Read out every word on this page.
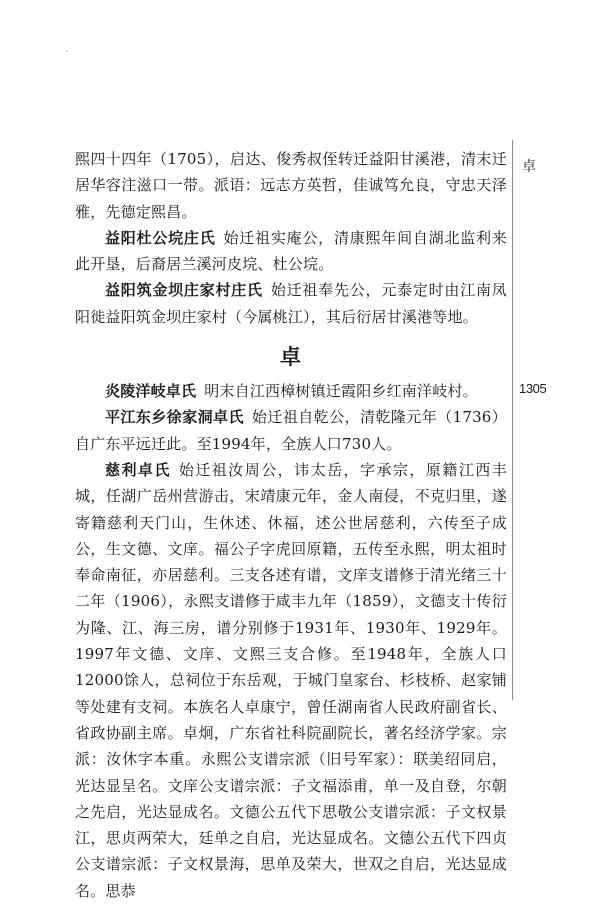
熙四十四年（1705），启达、俊秀叔侄转迁益阳甘溪港，清末迁居华容注滋口一带。派语：远志方英哲，佳诚笃允良，守忠天泽雅，先德定熙昌。

益阳杜公垸庄氏 始迁祖实庵公，清康熙年间自湖北监利来此开垦，后裔居兰溪河皮垸、杜公垸。

益阳筑金坝庄家村庄氏 始迁祖奉先公，元泰定时由江南凤阳徙益阳筑金坝庄家村（今属桃江），其后衍居甘溪港等地。

卓

炎陵洋岐卓氏 明末自江西樟树镇迁霞阳乡红南洋岐村。

平江东乡徐家洞卓氏 始迁祖自乾公，清乾隆元年（1736）自广东平远迁此。至1994年，全族人口730人。

慈利卓氏 始迁祖汝周公，讳太岳，字承宗，原籍江西丰城，任湖广岳州营游击，宋靖康元年，金人南侵，不克归里，遂寄籍慈利天门山，生休述、休福，述公世居慈利，六传至子成公，生文德、文庠。福公子字虎回原籍，五传至永熙，明太祖时奉命南征，亦居慈利。三支各述有谱，文庠支谱修于清光绪三十二年（1906），永熙支谱修于咸丰九年（1859），文德支十传衍为隆、江、海三房，谱分别修于1931年、1930年、1929年。1997年文德、文庠、文熙三支合修。至1948年，全族人口12000馀人，总祠位于东岳观，于城门皇家台、杉枝桥、赵家铺等处建有支祠。本族名人卓康宁，曾任湖南省人民政府副省长、省政协副主席。卓炯，广东省社科院副院长，著名经济学家。宗派：汝休字本重。永熙公支谱宗派（旧号军家）：联美绍同启，光达显呈名。文庠公支谱宗派：子文福添甫，单一及自登，尔朝之先启，光达显成名。文德公五代下思敬公支谱宗派：子文权景江，思贞两荣大，廷单之自启，光达显成名。文德公五代下四贞公支谱宗派：子文权景海，思单及荣大，世双之自启，光达显成名。思恭

卓
1305
